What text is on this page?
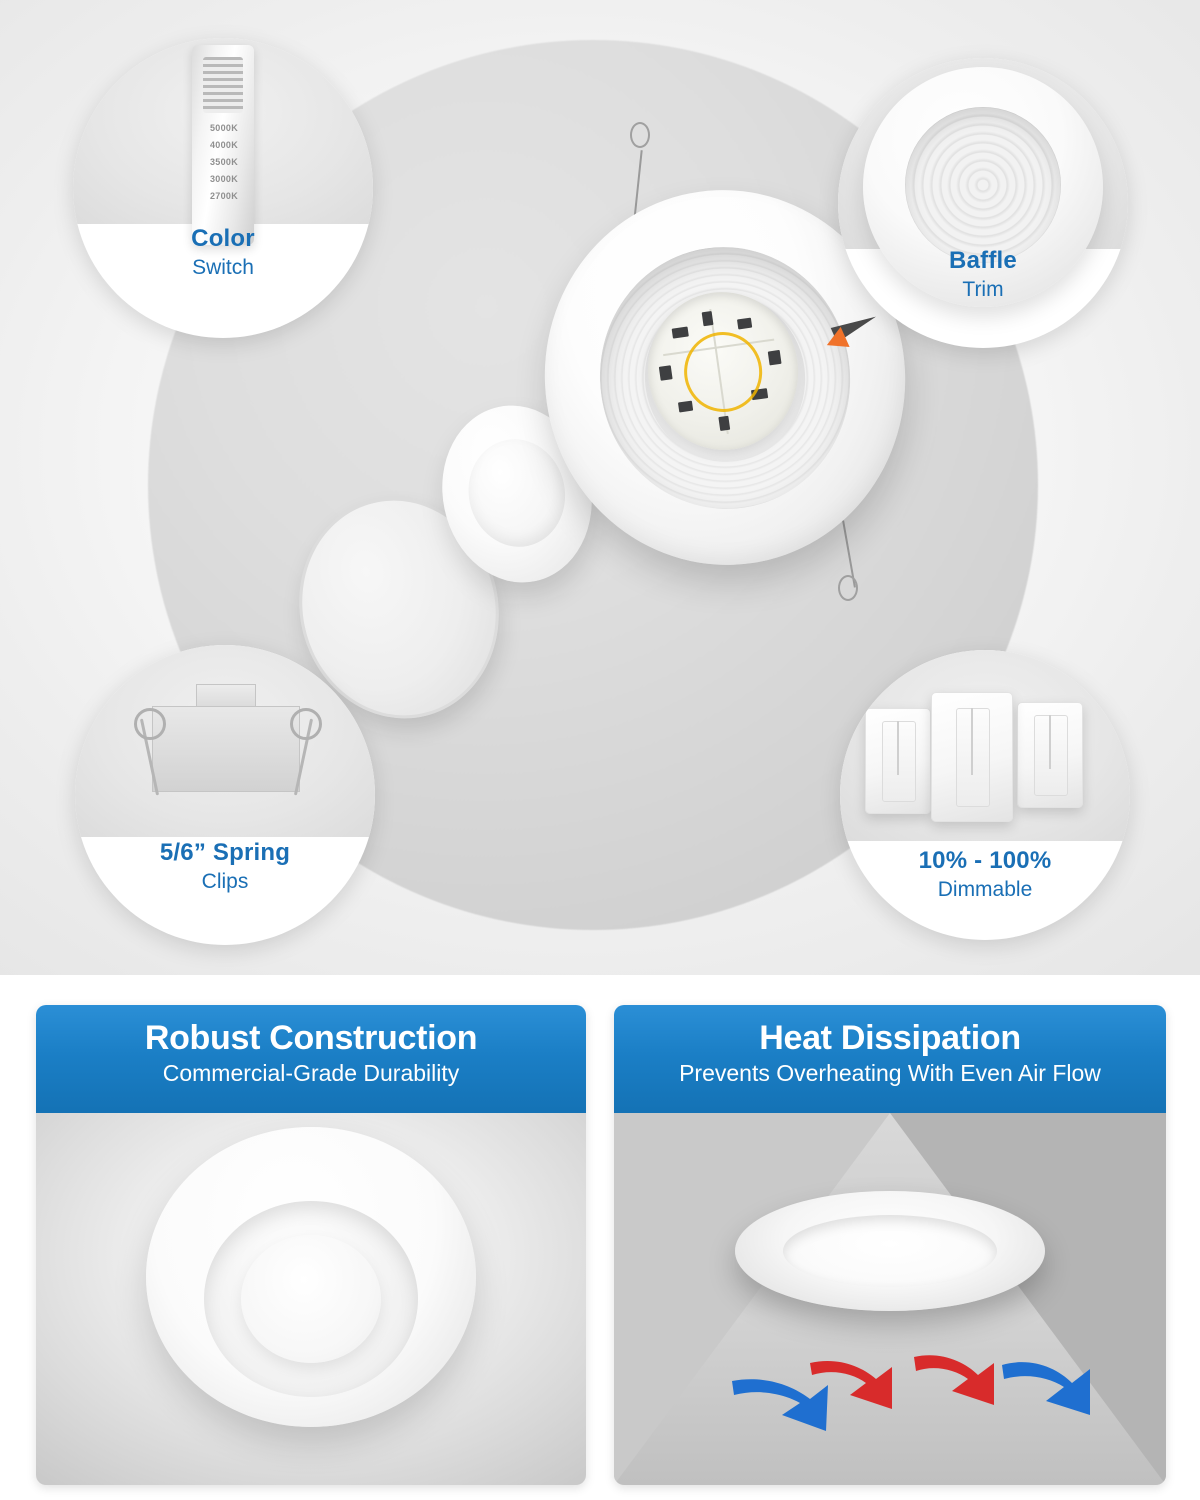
5000K
4000K
3500K
3000K
2700K
Color
Switch	Baffle
Trim
5/6” Spring
Clips
10% - 100%
Dimmable
Robust Construction
Commercial-Grade Durability
Heat Dissipation
Prevents Overheating With Even Air Flow
